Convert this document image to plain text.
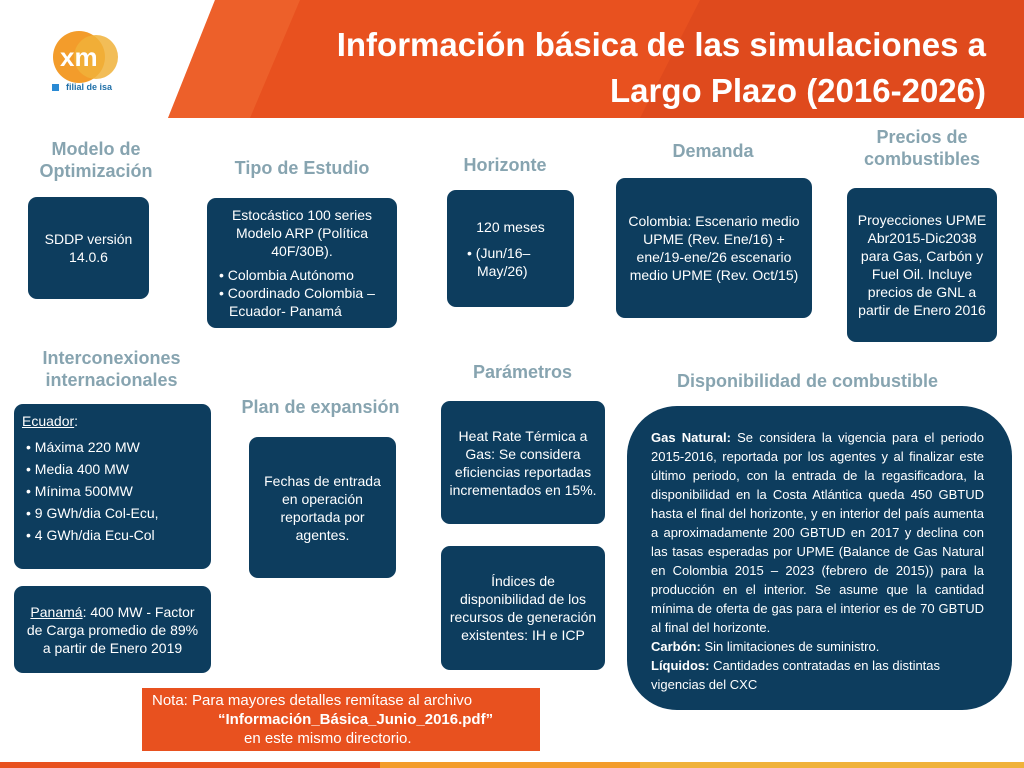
xm
filial de isa
Información básica de las simulaciones a
Largo Plazo (2016-2026)
Modelo de Optimización
SDDP versión 14.0.6
Tipo de Estudio
Estocástico 100 series Modelo ARP (Política 40F/30B).
• Colombia Autónomo
• Coordinado Colombia – Ecuador- Panamá
Horizonte
120 meses
• (Jun/16– May/26)
Demanda
Colombia: Escenario medio UPME (Rev. Ene/16) + ene/19-ene/26 escenario medio UPME (Rev. Oct/15)
Precios de combustibles
Proyecciones UPME Abr2015-Dic2038 para Gas, Carbón y Fuel Oil. Incluye precios de GNL a partir de Enero 2016
Interconexiones internacionales
Ecuador:
• Máxima 220 MW
• Media 400 MW
• Mínima 500MW
• 9 GWh/dia Col-Ecu,
• 4 GWh/dia Ecu-Col
Panamá: 400 MW - Factor de Carga promedio de 89% a partir de Enero 2019
Plan de expansión
Fechas de entrada en operación reportada por agentes.
Parámetros
Heat Rate Térmica a Gas: Se considera eficiencias reportadas incrementados en 15%.
Índices de disponibilidad de los recursos de generación existentes: IH e ICP
Disponibilidad de combustible
Gas Natural: Se considera la vigencia para el periodo 2015-2016, reportada por los agentes y al finalizar este último periodo, con la entrada de la regasificadora, la disponibilidad en la Costa Atlántica queda 450 GBTUD hasta el final del horizonte, y en interior del país aumenta a aproximadamente 200 GBTUD en 2017 y declina con las tasas esperadas por UPME (Balance de Gas Natural en Colombia 2015 – 2023 (febrero de 2015)) para la producción en el interior. Se asume que la cantidad mínima de oferta de gas para el interior es de 70 GBTUD al final del horizonte.
Carbón: Sin limitaciones de suministro.
Líquidos: Cantidades contratadas en las distintas vigencias del CXC
Nota: Para mayores detalles remítase al archivo
“Información_Básica_Junio_2016.pdf”
en este mismo directorio.
